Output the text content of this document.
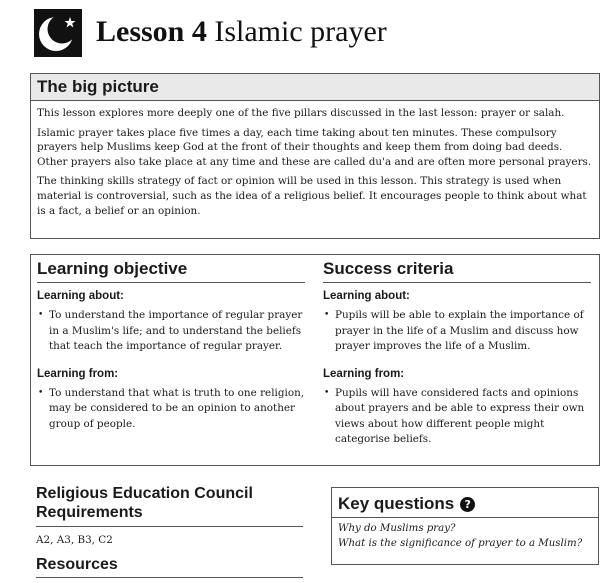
Lesson 4 Islamic prayer
The big picture

This lesson explores more deeply one of the five pillars discussed in the last lesson: prayer or salah.

Islamic prayer takes place five times a day, each time taking about ten minutes. These compulsory prayers help Muslims keep God at the front of their thoughts and keep them from doing bad deeds. Other prayers also take place at any time and these are called du'a and are often more personal prayers.

The thinking skills strategy of fact or opinion will be used in this lesson. This strategy is used when material is controversial, such as the idea of a religious belief. It encourages people to think about what is a fact, a belief or an opinion.

Learning objective
Learning about:
• To understand the importance of regular prayer in a Muslim's life; and to understand the beliefs that teach the importance of regular prayer.
Learning from:
• To understand that what is truth to one religion, may be considered to be an opinion to another group of people.
Success criteria
Learning about:
• Pupils will be able to explain the importance of prayer in the life of a Muslim and discuss how prayer improves the life of a Muslim.
Learning from:
• Pupils will have considered facts and opinions about prayers and be able to express their own views about how different people might categorise beliefs.
Religious Education Council Requirements
A2, A3, B3, C2
Resources
Key questions ?
Why do Muslims pray?
What is the significance of prayer to a Muslim?
